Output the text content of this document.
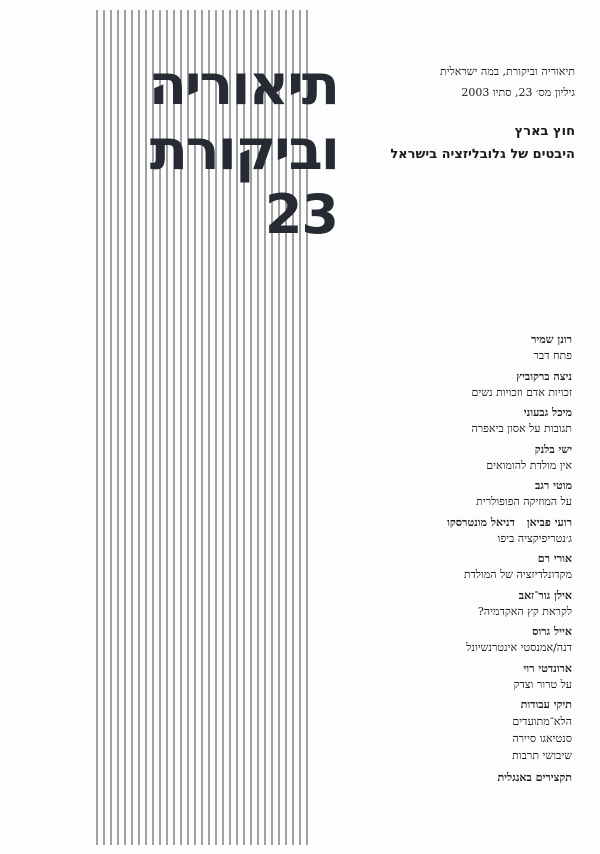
תיאוריה
וביקורת
23
תיאוריה וביקורת, במה ישראלית
גיליון מס׳ 23, סתיו 2003
חוץ בארץ
היבטים של גלובליזציה בישראל
רונן שמיר
פתח דבר
ניצה ברקוביץ
זכויות אדם וזכויות נשים
מיכל גבעוני
תגובות על אסון ביאפרה
ישי בלנק
אין מולדת להומואים
מוטי רגב
על המוזיקה הפופולרית
רועי פביאןדניאל מונטרסקו
ג׳נטריפיקציה ביפו
אורי רם
מקדונלדיזציה של המולדת
אילן גור־זאב
לקראת קץ האקדמיה?
אייל גרוס
דנה/אמנסטי אינטרנשיונל
ארונדטי רוי
על טרור וצדק
תיקי עבודות
הלא־מתועדים
סנטיאגו סיירה
שיבושי תרבות
תקצירים באנגלית
